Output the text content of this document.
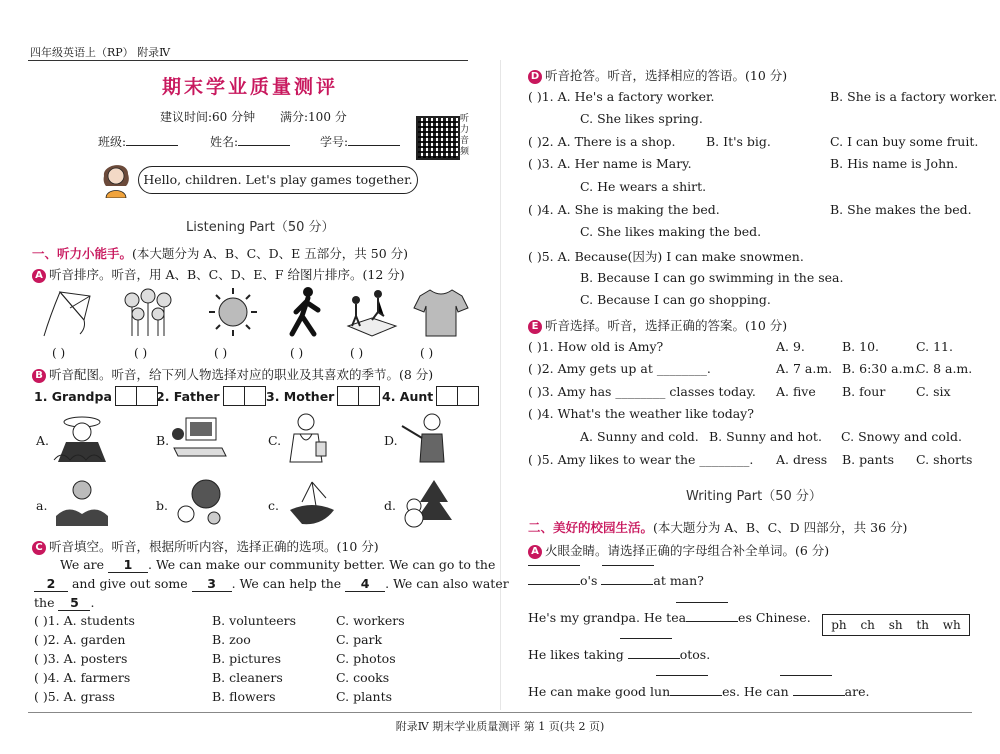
四年级英语上（RP） 附录Ⅳ
期末学业质量测评
建议时间:60 分钟 满分:100 分
班级:	姓名:	学号:
听力音频
Hello, children. Let's play games together.
Listening Part（50 分）
一、听力小能手。(本大题分为 A、B、C、D、E 五部分，共 50 分)
A 听音排序。听音，用 A、B、C、D、E、F 给图片排序。(12 分)
( )	( )	( )	( )	( )	( )
B 听音配图。听音，给下列人物选择对应的职业及其喜欢的季节。(8 分)
1. Grandpa	2. Father	3. Mother	4. Aunt
A.	B.	C.	D.
a.	b.	c.	d.
C 听音填空。听音，根据所听内容，选择正确的选项。(10 分)
We are 1 . We can make our community better. We can go to the
2 and give out some 3 . We can help the 4 . We can also water
the 5 .
( )1. A. students	B. volunteers	C. workers
( )2. A. garden	B. zoo	C. park
( )3. A. posters	B. pictures	C. photos
( )4. A. farmers	B. cleaners	C. cooks
( )5. A. grass	B. flowers	C. plants
D 听音抢答。听音，选择相应的答语。(10 分)
( )1. A. He's a factory worker.	B. She is a factory worker.
C. She likes spring.
( )2. A. There is a shop. B. It's big.	C. I can buy some fruit.
( )3. A. Her name is Mary.	B. His name is John.
C. He wears a shirt.
( )4. A. She is making the bed.	B. She makes the bed.
C. She likes making the bed.
( )5. A. Because(因为) I can make snowmen.
B. Because I can go swimming in the sea.
C. Because I can go shopping.
E 听音选择。听音，选择正确的答案。(10 分)
( )1. How old is Amy?	A. 9.	B. 10.	C. 11.
( )2. Amy gets up at ________.	A. 7 a.m. B. 6:30 a.m.
C. 8 a.m.
( )3. Amy has ________ classes today. A. five B. four C. six
( )4. What's the weather like today?
A. Sunny and cold. B. Sunny and hot. C. Snowy and cold.
( )5. Amy likes to wear the ________. A. dress B. pants C. shorts
Writing Part（50 分）
二、美好的校园生活。(本大题分为 A、B、C、D 四部分，共 36 分)
A 火眼金睛。请选择正确的字母组合补全单词。(6 分)
o's	at man?
He's my grandpa. He tea	es Chinese.	ph ch sh th wh
He likes taking	otos.
He can make good lun	es. He can	are.
附录Ⅳ 期末学业质量测评 第 1 页(共 2 页)
